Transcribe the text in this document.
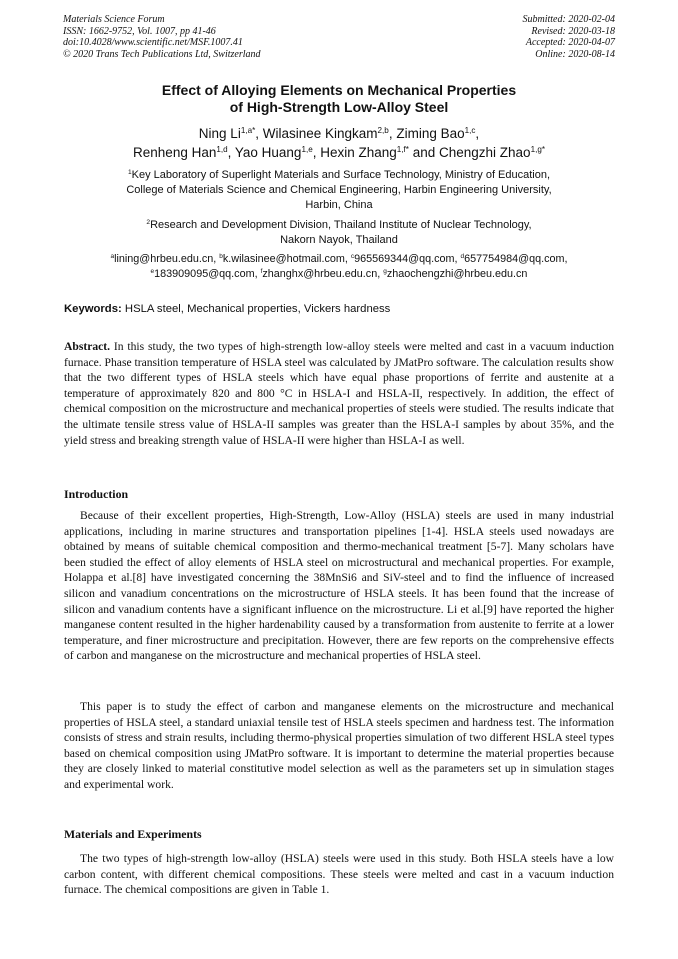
Materials Science Forum
ISSN: 1662-9752, Vol. 1007, pp 41-46
doi:10.4028/www.scientific.net/MSF.1007.41
© 2020 Trans Tech Publications Ltd, Switzerland
Submitted: 2020-02-04
Revised: 2020-03-18
Accepted: 2020-04-07
Online: 2020-08-14
Effect of Alloying Elements on Mechanical Properties
of High-Strength Low-Alloy Steel
Ning $Li^{1,a*}$, Wilasinee Kingkam$^{2,b}$, Ziming Bao$^{1,c}$,
Renheng Han$^{1,d}$, Yao Huang$^{1,e}$, Hexin Zhang$^{1,f*}$ and Chengzhi Zhao$^{1,g*}$
$^1$Key Laboratory of Superlight Materials and Surface Technology, Ministry of Education,
College of Materials Science and Chemical Engineering, Harbin Engineering University,
Harbin, China
$^2$Research and Development Division, Thailand Institute of Nuclear Technology,
Nakorn Nayok, Thailand
$^a$lining@hrbeu.edu.cn, $^b$k.wilasinee@hotmail.com, $^c$965569344@qq.com, $^d$657754984@qq.com,
$^e$183909095@qq.com, $^f$zhanghx@hrbeu.edu.cn, $^g$zhaochengzhi@hrbeu.edu.cn
Keywords: HSLA steel, Mechanical properties, Vickers hardness
Abstract. In this study, the two types of high-strength low-alloy steels were melted and cast in a vacuum induction furnace. Phase transition temperature of HSLA steel was calculated by JMatPro software. The calculation results show that the two different types of HSLA steels which have equal phase proportions of ferrite and austenite at a temperature of approximately 820 and 800 °C in HSLA-I and HSLA-II, respectively. In addition, the effect of chemical composition on the microstructure and mechanical properties of steels were studied. The results indicate that the ultimate tensile stress value of HSLA-II samples was greater than the HSLA-I samples by about 35%, and the yield stress and breaking strength value of HSLA-II were higher than HSLA-I as well.
Introduction
Because of their excellent properties, High-Strength, Low-Alloy (HSLA) steels are used in many industrial applications, including in marine structures and transportation pipelines [1-4]. HSLA steels used nowadays are obtained by means of suitable chemical composition and thermo-mechanical treatment [5-7]. Many scholars have been studied the effect of alloy elements of HSLA steel on microstructural and mechanical properties. For example, Holappa et al.[8] have investigated concerning the 38MnSi6 and SiV-steel and to find the influence of increased silicon and vanadium concentrations on the microstructure of HSLA steels. It has been found that the increase of silicon and vanadium contents have a significant influence on the microstructure. Li et al.[9] have reported the higher manganese content resulted in the higher hardenability caused by a transformation from austenite to ferrite at a lower temperature, and finer microstructure and precipitation. However, there are few reports on the comprehensive effects of carbon and manganese on the microstructure and mechanical properties of HSLA steel.
This paper is to study the effect of carbon and manganese elements on the microstructure and mechanical properties of HSLA steel, a standard uniaxial tensile test of HSLA steels specimen and hardness test. The information consists of stress and strain results, including thermo-physical properties simulation of two different HSLA steel types based on chemical composition using JMatPro software. It is important to determine the material properties because they are closely linked to material constitutive model selection as well as the parameters set up in simulation stages and experimental work.
Materials and Experiments
The two types of high-strength low-alloy (HSLA) steels were used in this study. Both HSLA steels have a low carbon content, with different chemical compositions. These steels were melted and cast in a vacuum induction furnace. The chemical compositions are given in Table 1.
